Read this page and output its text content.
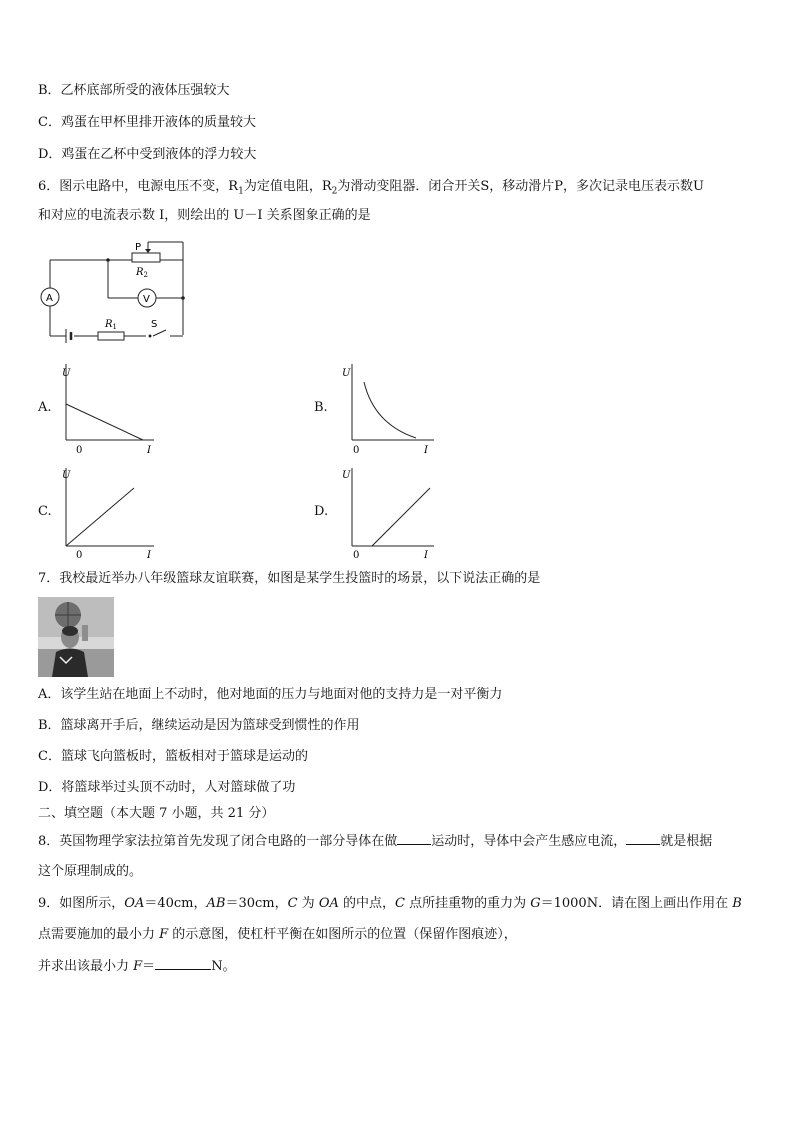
B．乙杯底部所受的液体压强较大
C．鸡蛋在甲杯里排开液体的质量较大
D．鸡蛋在乙杯中受到液体的浮力较大
6．图示电路中，电源电压不变，$R_1$为定值电阻，$R_2$为滑动变阻器．闭合开关S，移动滑片P，多次记录电压表示数U
和对应的电流表示数 I，则绘出的 U－I 关系图象正确的是
P
$R_2$
A	V
$R_1$	S
A.
U
0	I
B.
U
0	I
C.
U
0	I
D.
U
0	I
7．我校最近举办八年级篮球友谊联赛，如图是某学生投篮时的场景，以下说法正确的是
A．该学生站在地面上不动时，他对地面的压力与地面对他的支持力是一对平衡力
B．篮球离开手后，继续运动是因为篮球受到惯性的作用
C．篮球飞向篮板时，篮板相对于篮球是运动的
D．将篮球举过头顶不动时，人对篮球做了功
二、填空题（本大题 7 小题，共 21 分）
8．英国物理学家法拉第首先发现了闭合电路的一部分导体在做	运动时，导体中会产生感应电流，	就是根据
这个原理制成的。
9．如图所示，OA＝40cm，AB＝30cm，C 为 OA 的中点，C 点所挂重物的重力为 G＝1000N．请在图上画出作用在 B
点需要施加的最小力 F 的示意图，使杠杆平衡在如图所示的位置（保留作图痕迹），
并求出该最小力 F＝	N。
